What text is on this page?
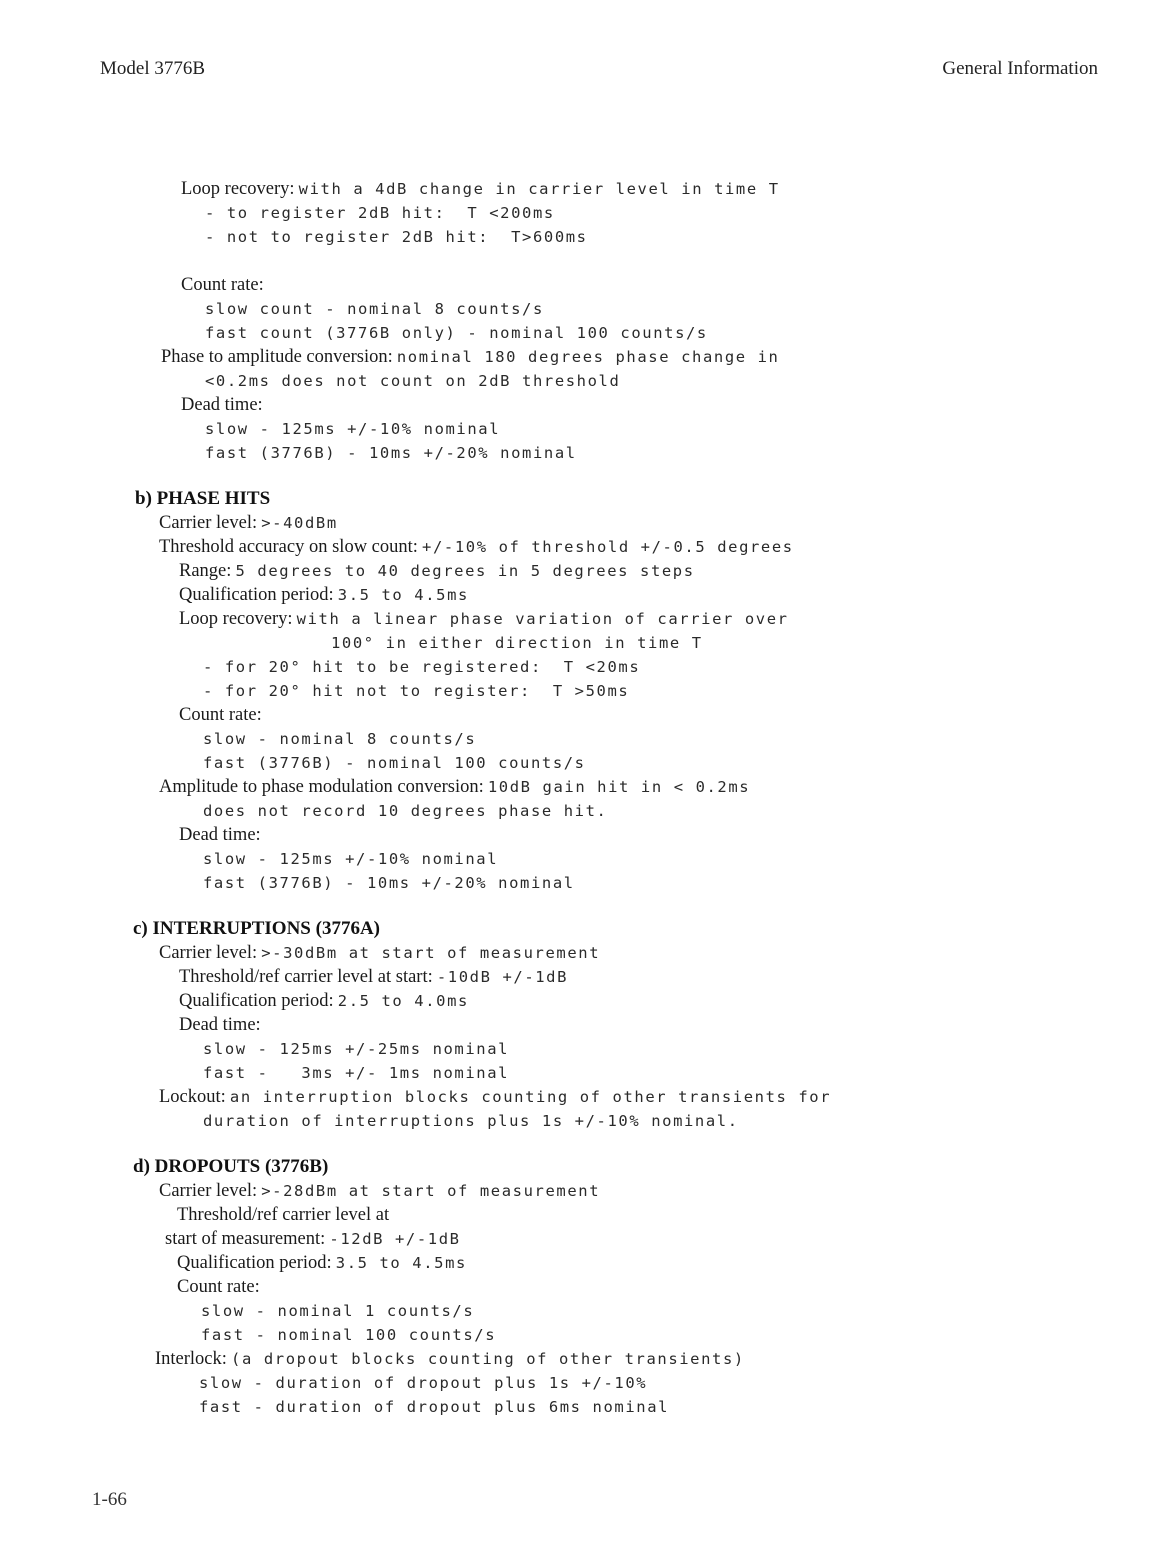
Model 3776B	General Information
Loop recovery: with a 4dB change in carrier level in time T
- to register 2dB hit:  T <200ms
- not to register 2dB hit:  T>600ms
Count rate:
slow count - nominal 8 counts/s
fast count (3776B only) - nominal 100 counts/s
Phase to amplitude conversion: nominal 180 degrees phase change in
<0.2ms does not count on 2dB threshold
Dead time:
slow - 125ms +/-10% nominal
fast (3776B) - 10ms +/-20% nominal
b) PHASE HITS
Carrier level: >-40dBm
Threshold accuracy on slow count: +/-10% of threshold +/-0.5 degrees
Range: 5 degrees to 40 degrees in 5 degrees steps
Qualification period: 3.5 to 4.5ms
Loop recovery: with a linear phase variation of carrier over
100° in either direction in time T
- for 20° hit to be registered:  T <20ms
- for 20° hit not to register:  T >50ms
Count rate:
slow - nominal 8 counts/s
fast (3776B) - nominal 100 counts/s
Amplitude to phase modulation conversion: 10dB gain hit in < 0.2ms
does not record 10 degrees phase hit.
Dead time:
slow - 125ms +/-10% nominal
fast (3776B) - 10ms +/-20% nominal
c) INTERRUPTIONS (3776A)
Carrier level: >-30dBm at start of measurement
Threshold/ref carrier level at start: -10dB +/-1dB
Qualification period: 2.5 to 4.0ms
Dead time:
slow - 125ms +/-25ms nominal
fast -   3ms +/- 1ms nominal
Lockout: an interruption blocks counting of other transients for
duration of interruptions plus 1s +/-10% nominal.
d) DROPOUTS (3776B)
Carrier level: >-28dBm at start of measurement
Threshold/ref carrier level at
start of measurement: -12dB +/-1dB
Qualification period: 3.5 to 4.5ms
Count rate:
slow - nominal 1 counts/s
fast - nominal 100 counts/s
Interlock: (a dropout blocks counting of other transients)
slow - duration of dropout plus 1s +/-10%
fast - duration of dropout plus 6ms nominal
1-66
